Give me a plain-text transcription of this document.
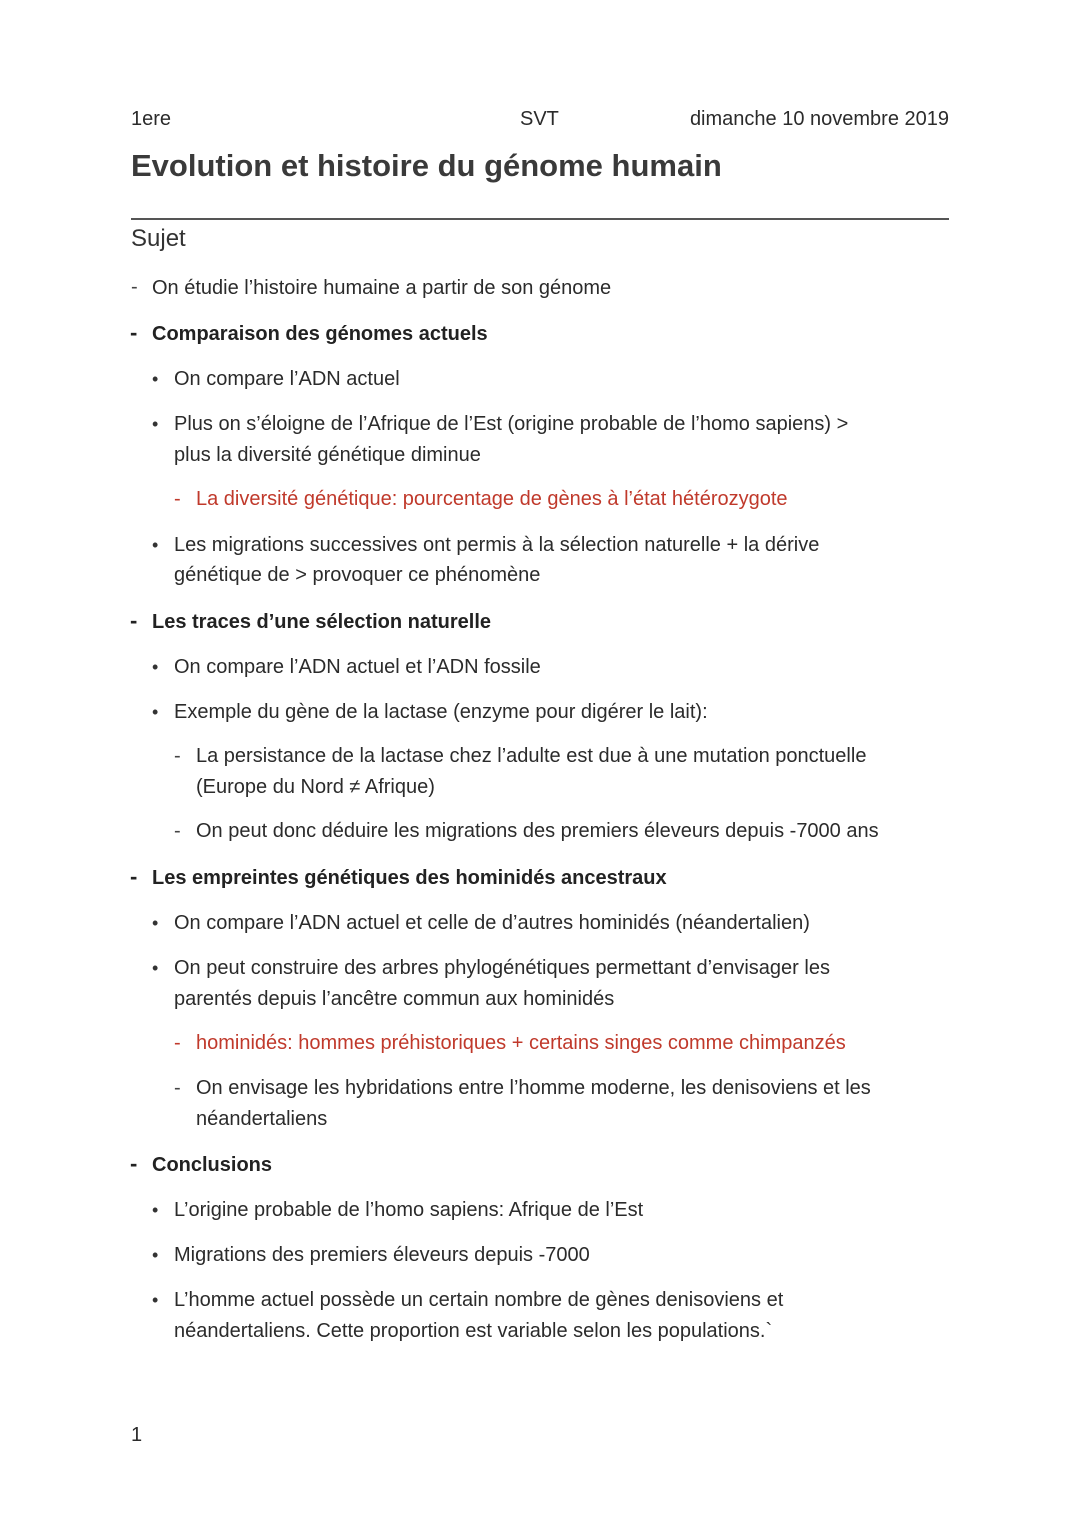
1ere	SVT	dimanche 10 novembre 2019
Evolution et histoire du génome humain
Sujet
- On étudie l’histoire humaine a partir de son génome
- Comparaison des génomes actuels
• On compare l’ADN actuel
• Plus on s’éloigne de l’Afrique de l’Est (origine probable de l’homo sapiens) >
plus la diversité génétique diminue
- La diversité génétique: pourcentage de gènes à l’état hétérozygote
• Les migrations successives ont permis à la sélection naturelle + la dérive
génétique de > provoquer ce phénomène
- Les traces d’une sélection naturelle
• On compare l’ADN actuel et l’ADN fossile
• Exemple du gène de la lactase (enzyme pour digérer le lait):
- La persistance de la lactase chez l’adulte est due à une mutation ponctuelle
(Europe du Nord ≠ Afrique)
- On peut donc déduire les migrations des premiers éleveurs depuis -7000 ans
- Les empreintes génétiques des hominidés ancestraux
• On compare l’ADN actuel et celle de d’autres hominidés (néandertalien)
• On peut construire des arbres phylogénétiques permettant d’envisager les
parentés depuis l’ancêtre commun aux hominidés
- hominidés: hommes préhistoriques + certains singes comme chimpanzés
- On envisage les hybridations entre l’homme moderne, les denisoviens et les
néandertaliens
- Conclusions
• L’origine probable de l’homo sapiens: Afrique de l’Est
• Migrations des premiers éleveurs depuis -7000
• L’homme actuel possède un certain nombre de gènes denisoviens et
néandertaliens. Cette proportion est variable selon les populations.`
1
